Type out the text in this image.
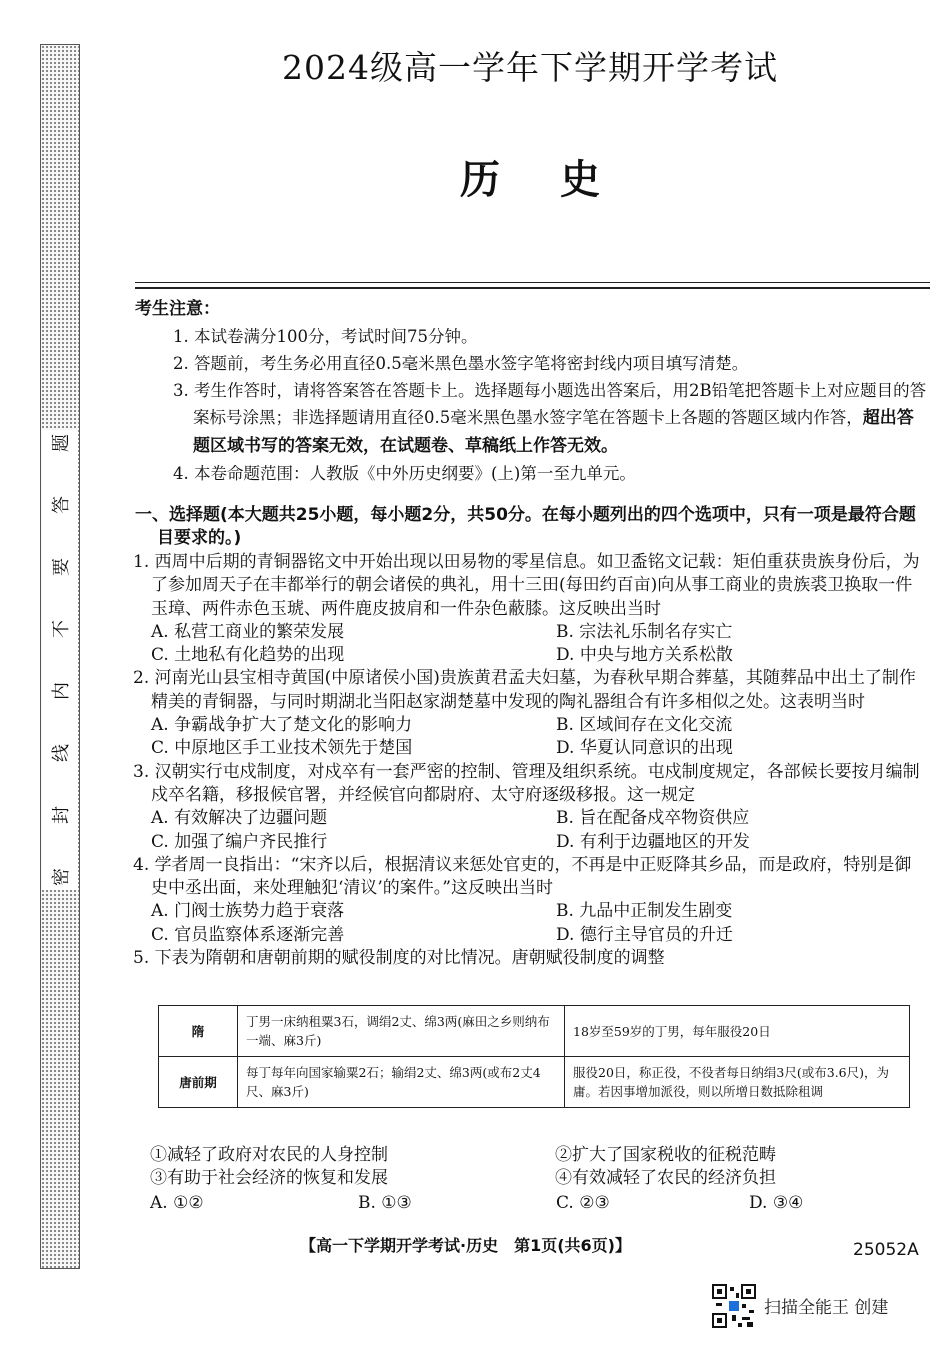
题
答
要
不
内
线
封
密
2024级高一学年下学期开学考试
历史
考生注意：
1. 本试卷满分100分，考试时间75分钟。
2. 答题前，考生务必用直径0.5毫米黑色墨水签字笔将密封线内项目填写清楚。
3. 考生作答时，请将答案答在答题卡上。选择题每小题选出答案后，用2B铅笔把答题卡上对应题目的答案标号涂黑；非选择题请用直径0.5毫米黑色墨水签字笔在答题卡上各题的答题区域内作答，超出答题区域书写的答案无效，在试题卷、草稿纸上作答无效。
4. 本卷命题范围：人教版《中外历史纲要》(上)第一至九单元。
一、选择题(本大题共25小题，每小题2分，共50分。在每小题列出的四个选项中，只有一项是最符合题目要求的。)
1. 西周中后期的青铜器铭文中开始出现以田易物的零星信息。如卫盉铭文记载：矩伯重获贵族身份后，为了参加周天子在丰都举行的朝会诸侯的典礼，用十三田(每田约百亩)向从事工商业的贵族裘卫换取一件玉璋、两件赤色玉琥、两件鹿皮披肩和一件杂色蔽膝。这反映出当时
A. 私营工商业的繁荣发展	B. 宗法礼乐制名存实亡
C. 土地私有化趋势的出现	D. 中央与地方关系松散
2. 河南光山县宝相寺黄国(中原诸侯小国)贵族黄君孟夫妇墓，为春秋早期合葬墓，其随葬品中出土了制作精美的青铜器，与同时期湖北当阳赵家湖楚墓中发现的陶礼器组合有许多相似之处。这表明当时
A. 争霸战争扩大了楚文化的影响力	B. 区域间存在文化交流
C. 中原地区手工业技术领先于楚国	D. 华夏认同意识的出现
3. 汉朝实行屯戍制度，对戍卒有一套严密的控制、管理及组织系统。屯戍制度规定，各部候长要按月编制戍卒名籍，移报候官署，并经候官向都尉府、太守府逐级移报。这一规定
A. 有效解决了边疆问题	B. 旨在配备戍卒物资供应
C. 加强了编户齐民推行	D. 有利于边疆地区的开发
4. 学者周一良指出：“宋齐以后，根据清议来惩处官吏的，不再是中正贬降其乡品，而是政府，特别是御史中丞出面，来处理触犯‘清议’的案件。”这反映出当时
A. 门阀士族势力趋于衰落	B. 九品中正制发生剧变
C. 官员监察体系逐渐完善	D. 德行主导官员的升迁
5. 下表为隋朝和唐朝前期的赋役制度的对比情况。唐朝赋役制度的调整
隋	丁男一床纳租粟3石，调绢2丈、绵3两(麻田之乡则纳布一端、麻3斤)	18岁至59岁的丁男，每年服役20日
唐前期	每丁每年向国家输粟2石；输绢2丈、绵3两(或布2丈4尺、麻3斤)	服役20日，称正役，不役者每日纳绢3尺(或布3.6尺)，为庸。若因事增加派役，则以所增日数抵除租调
①减轻了政府对农民的人身控制	②扩大了国家税收的征税范畴
③有助于社会经济的恢复和发展	④有效减轻了农民的经济负担
A. ①②	B. ①③	C. ②③	D. ③④
【高一下学期开学考试·历史　第1页(共6页)】	25052A
扫描全能王 创建
